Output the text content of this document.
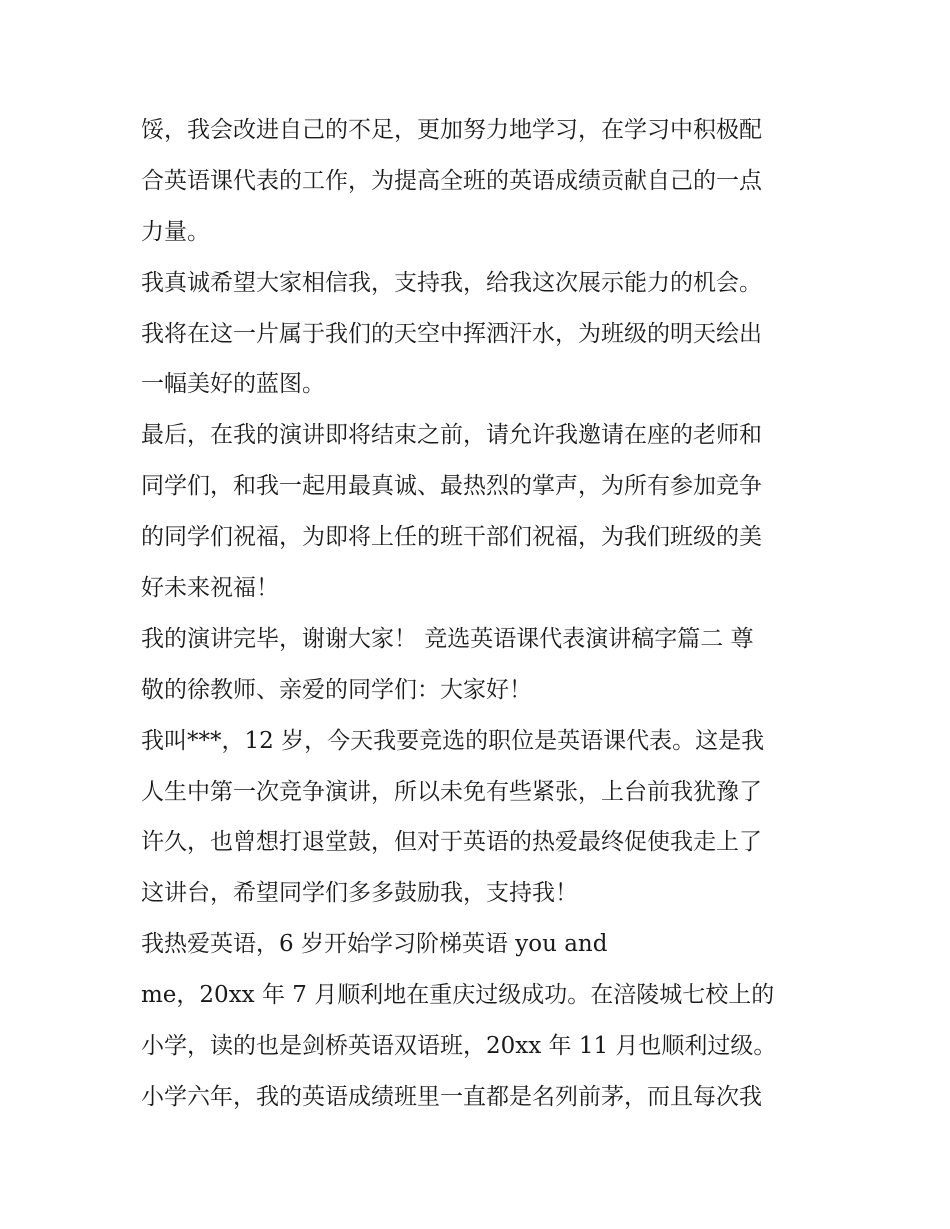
馁，我会改进自己的不足，更加努力地学习，在学习中积极配
合英语课代表的工作，为提高全班的英语成绩贡献自己的一点
力量。
我真诚希望大家相信我，支持我，给我这次展示能力的机会。
我将在这一片属于我们的天空中挥洒汗水，为班级的明天绘出
一幅美好的蓝图。
最后，在我的演讲即将结束之前，请允许我邀请在座的老师和
同学们，和我一起用最真诚、最热烈的掌声，为所有参加竞争
的同学们祝福，为即将上任的班干部们祝福，为我们班级的美
好未来祝福！
我的演讲完毕，谢谢大家！ 竞选英语课代表演讲稿字篇二 尊
敬的徐教师、亲爱的同学们：大家好！
我叫***，12 岁，今天我要竞选的职位是英语课代表。这是我
人生中第一次竞争演讲，所以未免有些紧张，上台前我犹豫了
许久，也曾想打退堂鼓，但对于英语的热爱最终促使我走上了
这讲台，希望同学们多多鼓励我，支持我！
我热爱英语，6 岁开始学习阶梯英语 you and
me，20xx 年 7 月顺利地在重庆过级成功。在涪陵城七校上的
小学，读的也是剑桥英语双语班，20xx 年 11 月也顺利过级。
小学六年，我的英语成绩班里一直都是名列前茅，而且每次我
